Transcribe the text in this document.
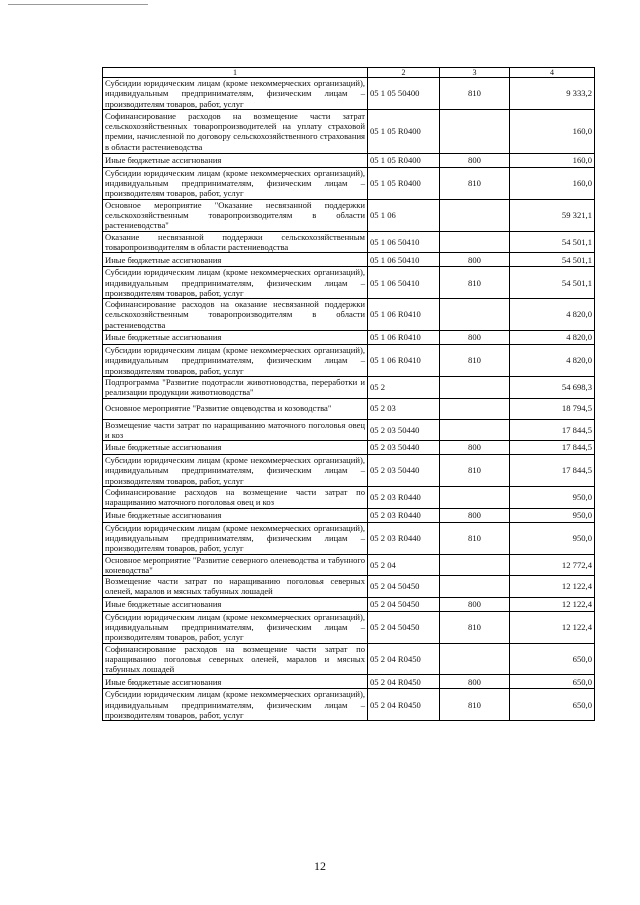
1	2	3	4
Субсидии юридическим лицам (кроме некоммерческих организаций), индивидуальным предпринимателям, физическим лицам – производителям товаров, работ, услуг	05 1 05 50400	810	9 333,2
Софинансирование расходов на возмещение части затрат сельскохозяйственных товаропроизводителей на уплату страховой премии, начисленной по договору сельскохозяйственного страхования в области растениеводства	05 1 05 R0400		160,0
Иные бюджетные ассигнования	05 1 05 R0400	800	160,0
Субсидии юридическим лицам (кроме некоммерческих организаций), индивидуальным предпринимателям, физическим лицам – производителям товаров, работ, услуг	05 1 05 R0400	810	160,0
Основное мероприятие "Оказание несвязанной поддержки сельскохозяйственным товаропроизводителям в области растениеводства"	05 1 06		59 321,1
Оказание несвязанной поддержки сельскохозяйственным товаропроизводителям в области растениеводства	05 1 06 50410		54 501,1
Иные бюджетные ассигнования	05 1 06 50410	800	54 501,1
Субсидии юридическим лицам (кроме некоммерческих организаций), индивидуальным предпринимателям, физическим лицам – производителям товаров, работ, услуг	05 1 06 50410	810	54 501,1
Софинансирование расходов на оказание несвязанной поддержки сельскохозяйственным товаропроизводителям в области растениеводства	05 1 06 R0410		4 820,0
Иные бюджетные ассигнования	05 1 06 R0410	800	4 820,0
Субсидии юридическим лицам (кроме некоммерческих организаций), индивидуальным предпринимателям, физическим лицам – производителям товаров, работ, услуг	05 1 06 R0410	810	4 820,0
Подпрограмма "Развитие подотрасли животноводства, переработки и реализации продукции животноводства"	05 2		54 698,3
Основное мероприятие "Развитие овцеводства и козоводства"	05 2 03		18 794,5
Возмещение части затрат по наращиванию маточного поголовья овец и коз	05 2 03 50440		17 844,5
Иные бюджетные ассигнования	05 2 03 50440	800	17 844,5
Субсидии юридическим лицам (кроме некоммерческих организаций), индивидуальным предпринимателям, физическим лицам – производителям товаров, работ, услуг	05 2 03 50440	810	17 844,5
Софинансирование расходов на возмещение части затрат по наращиванию маточного поголовья овец и коз	05 2 03 R0440		950,0
Иные бюджетные ассигнования	05 2 03 R0440	800	950,0
Субсидии юридическим лицам (кроме некоммерческих организаций), индивидуальным предпринимателям, физическим лицам – производителям товаров, работ, услуг	05 2 03 R0440	810	950,0
Основное мероприятие "Развитие северного оленеводства и табунного коневодства"	05 2 04		12 772,4
Возмещение части затрат по наращиванию поголовья северных оленей, маралов и мясных табунных лошадей	05 2 04 50450		12 122,4
Иные бюджетные ассигнования	05 2 04 50450	800	12 122,4
Субсидии юридическим лицам (кроме некоммерческих организаций), индивидуальным предпринимателям, физическим лицам – производителям товаров, работ, услуг	05 2 04 50450	810	12 122,4
Софинансирование расходов на возмещение части затрат по наращиванию поголовья северных оленей, маралов и мясных табунных лошадей	05 2 04 R0450		650,0
Иные бюджетные ассигнования	05 2 04 R0450	800	650,0
Субсидии юридическим лицам (кроме некоммерческих организаций), индивидуальным предпринимателям, физическим лицам – производителям товаров, работ, услуг	05 2 04 R0450	810	650,0
12
